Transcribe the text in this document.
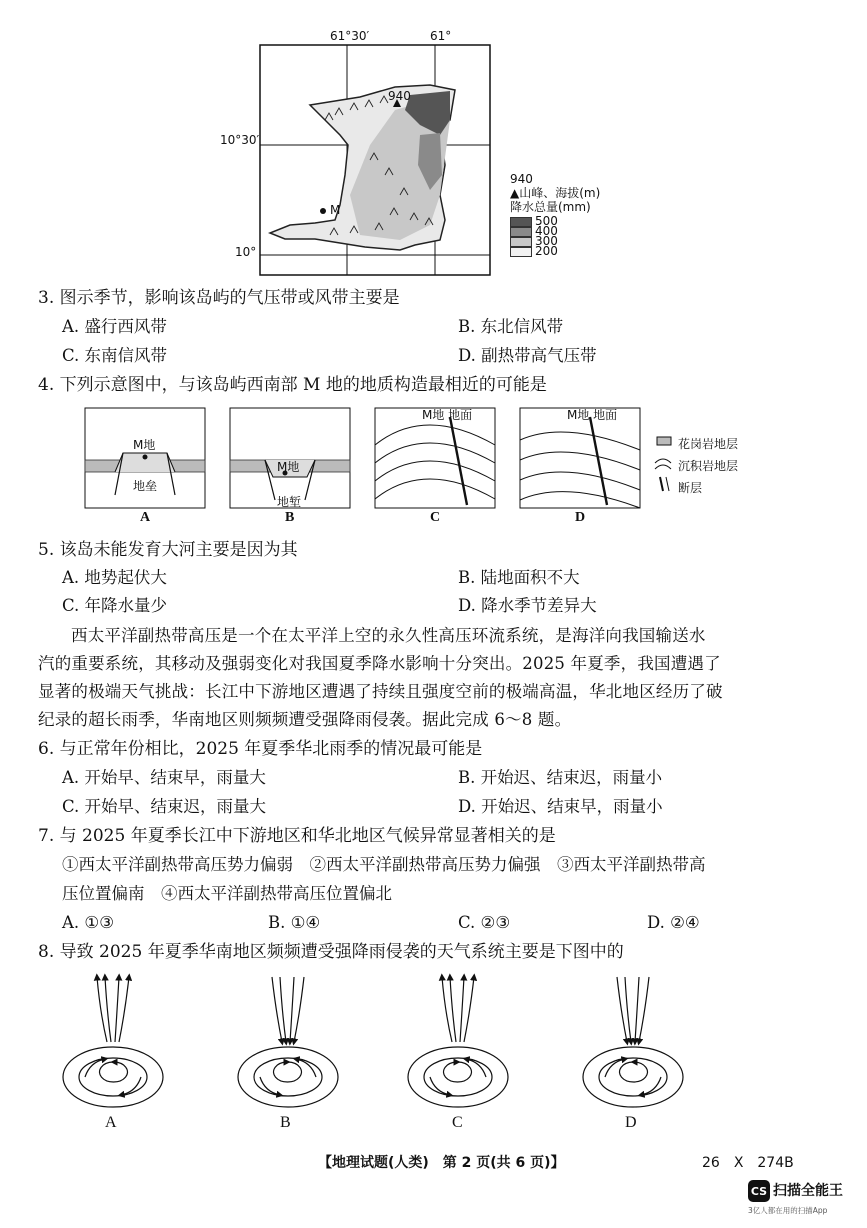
61°30′	61°
10°30′
10°
940
M
940
▲山峰、海拔(m)
降水总量(mm)
500
400
300
200
3. 图示季节，影响该岛屿的气压带或风带主要是
A. 盛行西风带	B. 东北信风带
C. 东南信风带	D. 副热带高气压带
4. 下列示意图中，与该岛屿西南部 M 地的地质构造最相近的可能是
M地
地垒
A
M地
地堑
B
M地 地面
C
M地 地面
D
花岗岩地层
沉积岩地层
断层
5. 该岛未能发育大河主要是因为其
A. 地势起伏大	B. 陆地面积不大
C. 年降水量少	D. 降水季节差异大
西太平洋副热带高压是一个在太平洋上空的永久性高压环流系统，是海洋向我国输送水
汽的重要系统，其移动及强弱变化对我国夏季降水影响十分突出。2025 年夏季，我国遭遇了
显著的极端天气挑战：长江中下游地区遭遇了持续且强度空前的极端高温，华北地区经历了破
纪录的超长雨季，华南地区则频频遭受强降雨侵袭。据此完成 6～8 题。
6. 与正常年份相比，2025 年夏季华北雨季的情况最可能是
A. 开始早、结束早，雨量大	B. 开始迟、结束迟，雨量小
C. 开始早、结束迟，雨量大	D. 开始迟、结束早，雨量小
7. 与 2025 年夏季长江中下游地区和华北地区气候异常显著相关的是
①西太平洋副热带高压势力偏弱　②西太平洋副热带高压势力偏强　③西太平洋副热带高
压位置偏南　④西太平洋副热带高压位置偏北
A. ①③	B. ①④	C. ②③	D. ②④
8. 导致 2025 年夏季华南地区频频遭受强降雨侵袭的天气系统主要是下图中的
A	B	C	D
【地理试题(人类)　第 2 页(共 6 页)】	26　X　274B
CS 扫描全能王
3亿人都在用的扫描App
